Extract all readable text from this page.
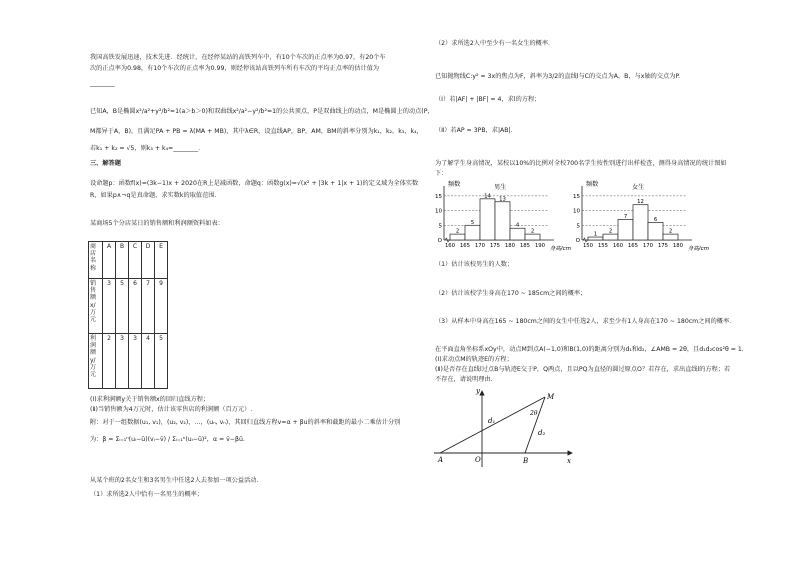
我国高铁发展迅速，技术先进．经统计，在经停某站的高铁列车中，有10个车次的正点率为0.97，有20个车
次的正点率为0.98，有10个车次的正点率为0.99，则经停该站高铁列车所有车次的平均正点率的估计值为
________
已知A，B是椭圆x²/a²+y²/b²=1(a＞b＞0)和双曲线x²/a²−y²/b²=1的公共顶点，P是双曲线上的动点，M是椭圆上的动点(P，
M都异于A，B)，且满足PA + PB = λ(MA + MB)，其中λ∈R，设直线AP，BP，AM，BM的斜率分别为k₁，k₂，k₃，k₄，
若k₁ + k₂ = √5，则k₃ + k₄=________.
三、解答题
设命题p：函数f(x)=(3k−1)x + 2020在R上是减函数，命题q：函数g(x)=√(x² + |3k + 1|x + 1)的定义域为全体实数
R，如果p∧¬q是真命题，求实数k的取值范围.
某商场5个分店某日的销售额和利润额资料如表：
商店名称	A	B	C	D	E
销售额x/万元	3	5	6	7	9
利润额y/万元	2	3	3	4	5
(Ⅰ)求利润额y关于销售额x的回归直线方程；
(Ⅱ)当销售额为4万元时，估计该零售店的利润额（百万元）.
附：对于一组数据(u₁, v₁)，(u₂, v₂)，…，(uₙ, vₙ)，其回归直线方程v=α + βu的斜率和截距的最小二乘估计分别
为：β = Σᵢ₌₁ⁿ(uᵢ−ū)(vᵢ−v̄) / Σᵢ₌₁ⁿ(uᵢ−ū)²，α = v̄−βū.
从某个班的2名女生和3名男生中任选2人去参加一项公益活动.
（1）求所选2人中恰有一名男生的概率；
（2）求所选2人中至少有一名女生的概率.
已知抛物线C:y² = 3x的焦点为F，斜率为3/2的直线l与C的交点为A，B，与x轴的交点为P.
（Ⅰ）若|AF| + |BF| = 4，求l的方程；
（Ⅱ）若AP = 3PB，求|AB|.
为了解学生身高情况，某校以10%的比例对全校700名学生按性别进行出样检查，测得身高情况的统计图如
下：
5
10
15
O
2
5
14 13
4
2
160 165 170 175 180 185 190
频数	男生
身高/cm
5
10
15
O
1 2
7
12
6
2
150 155 160 165 170 175 180
频数	女生
身高/cm
（1）估计该校男生的人数；
（2）估计该校学生身高在170 ~ 185cm之间的概率；
（3）从样本中身高在165 ~ 180cm之间的女生中任选2人，求至少有1人身高在170 ~ 180cm之间的概率.
在平面直角坐标系xOy中，动点M到点A(−1,0)和B(1,0)的距离分别为d₁和d₂，∠AMB = 2θ，且d₁d₂cos²θ = 1.
(Ⅰ)求动点M的轨迹E的方程；
(Ⅱ)是否存在直线l过点B与轨迹E交于P，Q两点，且以PQ为直径的圆过原点O？若存在，求出直线l的方程；若
不存在，请说明理由.
y
x
A	O	B
M
d₁
d₂
2θ
